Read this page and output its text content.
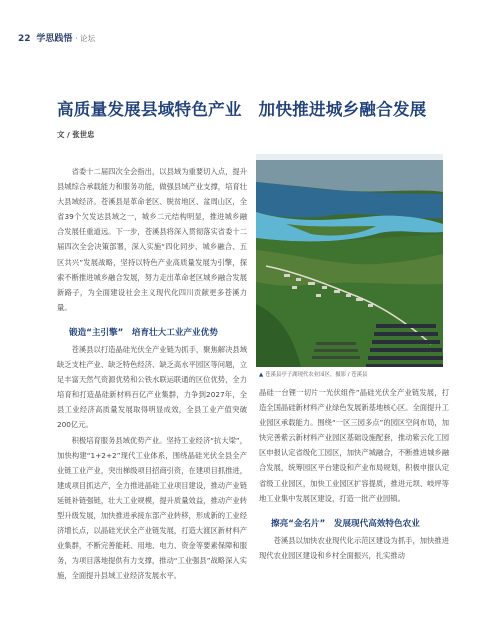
22 学思践悟 · 论坛
高质量发展县域特色产业　加快推进城乡融合发展
文 / 张世忠

省委十二届四次全会指出，以县域为重要切入点，提升县城综合承载能力和服务功能，做强县域产业支撑，培育壮大县域经济。苍溪县是革命老区、脱贫地区、盆周山区，全省39个欠发达县域之一，城乡二元结构明显，推进城乡融合发展任重道远。下一步，苍溪县将深入贯彻落实省委十二届四次全会决策部署，深入实施“四化同步、城乡融合、五区共兴”发展战略，坚持以特色产业高质量发展为引擎，探索不断推进城乡融合发展，努力走出革命老区城乡融合发展新路子，为全面建设社会主义现代化四川贡献更多苍溪力量。

锻造“主引擎”　培育壮大工业产业优势

苍溪县以打造晶硅光伏全产业链为抓手，聚焦解决县域缺乏支柱产业、缺乏特色经济、缺乏高水平园区等问题，立足丰富天然气资源优势和公铁水联运联通的区位优势，全力培育和打造晶硅新材料百亿产业集群，力争到2027年，全县工业经济高质量发展取得明显成效，全县工业产值突破200亿元。

积极培育服务县域优势产业。坚持工业经济“抗大梁”，加快构建“1+2+2”现代工业体系，围绕晶硅光伏全县全产业链工业产业，突出梯级项目招商引资，在建项目抓推进，建成项目抓达产，全力推进晶硅工业项目建设，推动产业链延链补链强链，壮大工业规模，提升质量效益，推动产业转型升级发展，加快推进承接东部产业转移，形成新的工业经济增长点，以晶硅光伏全产业链发展，打造大渡区新材料产业集群，不断完善能耗、用地、电力、资金等要素保障和服务，为项目落地提供有力支撑，推动“工业强县”战略深入实施，全面提升县域工业经济发展水平。

▲ 苍溪县亭子湖现代农业园区。摄影 / 苍溪县

晶硅一台锂一切片一光伏组件”晶硅光伏全产业链发展，打造全国晶硅新材料产业绿色发展新基地核心区。全面提升工业园区承载能力。围绕“一区三园多点”的园区空间布局，加快完善紫云新材料产业园区基础设施配套，推动紫云化工园区申报认定省级化工园区，加快产城融合，不断推进城乡融合发展，统筹园区平台建设和产业布局规划，积极申报认定省级工业园区，加快工业园区扩容提质，推进元坝、岐坪等地工业集中发展区建设，打造一批产业园镇。

擦亮“金名片”　发展现代高效特色农业

苍溪县以加快农业现代化示范区建设为抓手，加快推进现代农业园区建设和乡村全面振兴，扎实推动
